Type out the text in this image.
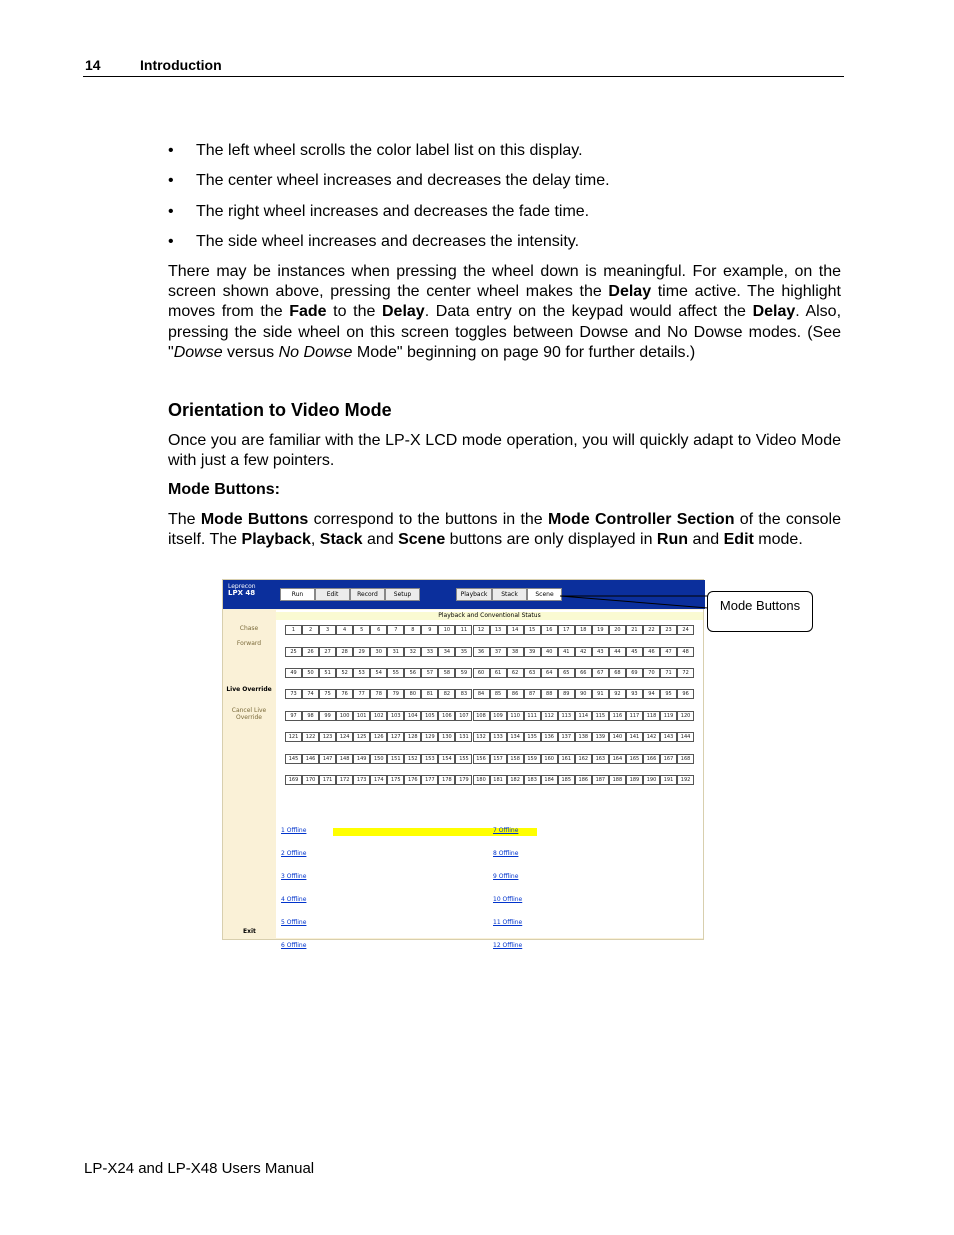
14	Introduction
• The left wheel scrolls the color label list on this display.
• The center wheel increases and decreases the delay time.
• The right wheel increases and decreases the fade time.
• The side wheel increases and decreases the intensity.
There may be instances when pressing the wheel down is meaningful. For example, on the screen shown above, pressing the center wheel makes the Delay time active. The highlight moves from the Fade to the Delay. Data entry on the keypad would affect the Delay. Also, pressing the side wheel on this screen toggles between Dowse and No Dowse modes. (See "Dowse versus No Dowse Mode" beginning on page 90 for further details.)
Orientation to Video Mode
Once you are familiar with the LP-X LCD mode operation, you will quickly adapt to Video Mode with just a few pointers.
Mode Buttons:
The Mode Buttons correspond to the buttons in the Mode Controller Section of the console itself. The Playback, Stack and Scene buttons are only displayed in Run and Edit mode.
Leprecon
LPX 48	Run	Edit	Record	Setup	Playback	Stack	Scene
Chase
Forward
Live Override
Cancel Live Override
Exit
Playback and Conventional Status
1	2	3	4	5	6	7	8	9	10	11	12	13	14	15	16	17	18	19	20	21	22	23	24
25	26	27	28	29	30	31	32	33	34	35	36	37	38	39	40	41	42	43	44	45	46	47	48
49	50	51	52	53	54	55	56	57	58	59	60	61	62	63	64	65	66	67	68	69	70	71	72
73	74	75	76	77	78	79	80	81	82	83	84	85	86	87	88	89	90	91	92	93	94	95	96
97	98	99	100	101	102	103	104	105	106	107	108	109	110	111	112	113	114	115	116	117	118	119	120
121	122	123	124	125	126	127	128	129	130	131	132	133	134	135	136	137	138	139	140	141	142	143	144
145	146	147	148	149	150	151	152	153	154	155	156	157	158	159	160	161	162	163	164	165	166	167	168
169	170	171	172	173	174	175	176	177	178	179	180	181	182	183	184	185	186	187	188	189	190	191	192
1 Offline	7 Offline
2 Offline	8 Offline
3 Offline	9 Offline
4 Offline	10 Offline
5 Offline	11 Offline
6 Offline	12 Offline
Mode Buttons
LP-X24 and LP-X48 Users Manual
